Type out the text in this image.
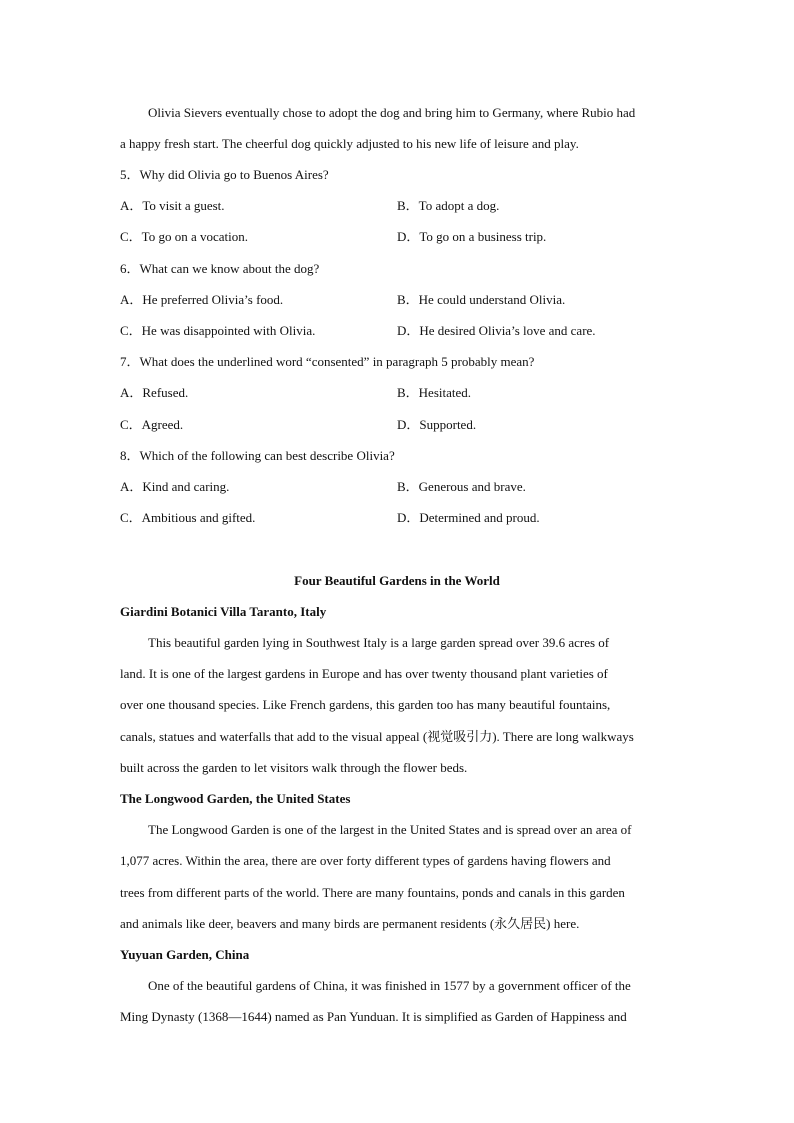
Olivia Sievers eventually chose to adopt the dog and bring him to Germany, where Rubio had
a happy fresh start. The cheerful dog quickly adjusted to his new life of leisure and play.
5．Why did Olivia go to Buenos Aires?
A．To visit a guest.	B．To adopt a dog.
C．To go on a vocation.	D．To go on a business trip.
6．What can we know about the dog?
A．He preferred Olivia’s food.	B．He could understand Olivia.
C．He was disappointed with Olivia.	D．He desired Olivia’s love and care.
7．What does the underlined word “consented” in paragraph 5 probably mean?
A．Refused.	B．Hesitated.
C．Agreed.	D．Supported.
8．Which of the following can best describe Olivia?
A．Kind and caring.	B．Generous and brave.
C．Ambitious and gifted.	D．Determined and proud.
Four Beautiful Gardens in the World
Giardini Botanici Villa Taranto, Italy
This beautiful garden lying in Southwest Italy is a large garden spread over 39.6 acres of
land. It is one of the largest gardens in Europe and has over twenty thousand plant varieties of
over one thousand species. Like French gardens, this garden too has many beautiful fountains,
canals, statues and waterfalls that add to the visual appeal (视觉吸引力). There are long walkways
built across the garden to let visitors walk through the flower beds.
The Longwood Garden, the United States
The Longwood Garden is one of the largest in the United States and is spread over an area of
1,077 acres. Within the area, there are over forty different types of gardens having flowers and
trees from different parts of the world. There are many fountains, ponds and canals in this garden
and animals like deer, beavers and many birds are permanent residents (永久居民) here.
Yuyuan Garden, China
One of the beautiful gardens of China, it was finished in 1577 by a government officer of the
Ming Dynasty (1368—1644) named as Pan Yunduan. It is simplified as Garden of Happiness and
